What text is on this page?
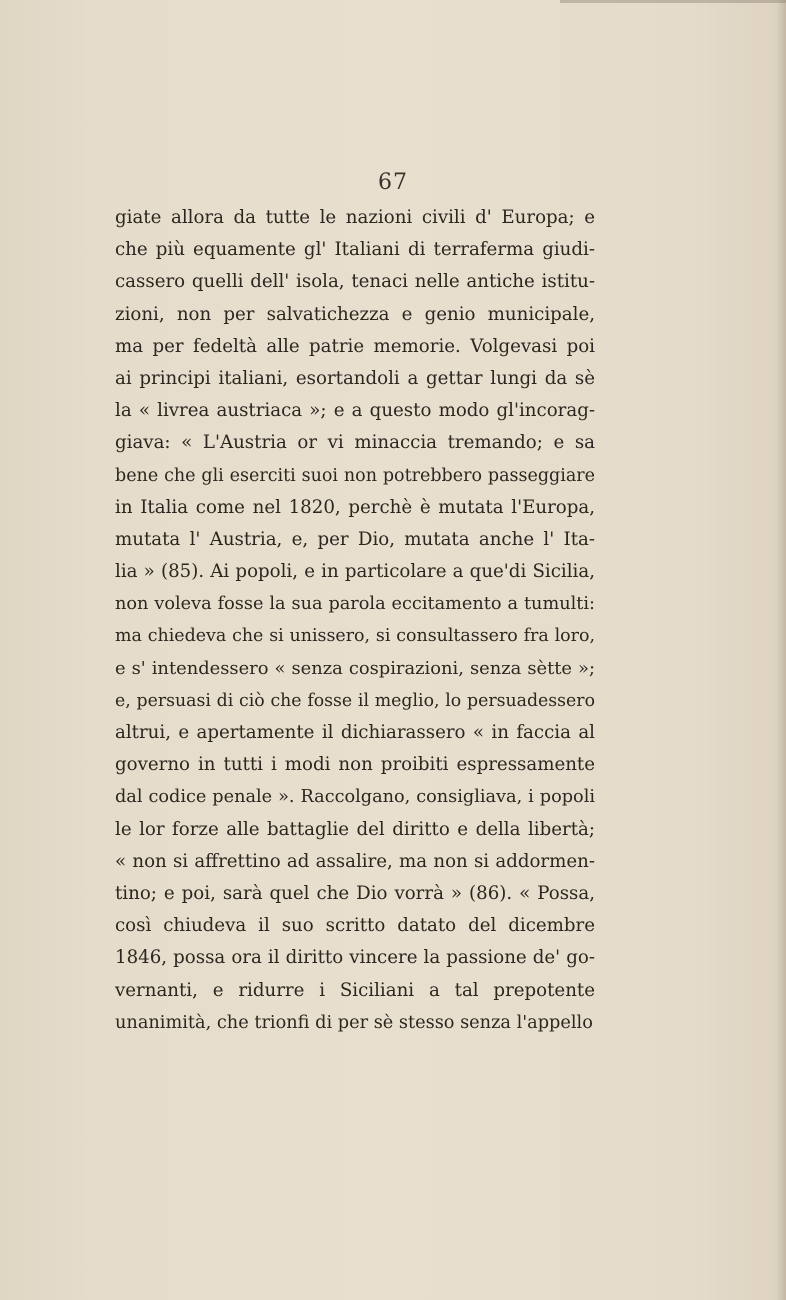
67
giate allora da tutte le nazioni civili d' Europa; e
che più equamente gl' Italiani di terraferma giudi-
cassero quelli dell' isola, tenaci nelle antiche istitu-
zioni, non per salvatichezza e genio municipale,
ma per fedeltà alle patrie memorie. Volgevasi poi
ai principi italiani, esortandoli a gettar lungi da sè
la « livrea austriaca »; e a questo modo gl'incorag-
giava: « L'Austria or vi minaccia tremando; e sa
bene che gli eserciti suoi non potrebbero passeggiare
in Italia come nel 1820, perchè è mutata l'Europa,
mutata l' Austria, e, per Dio, mutata anche l' Ita-
lia » (85). Ai popoli, e in particolare a que'di Sicilia,
non voleva fosse la sua parola eccitamento a tumulti:
ma chiedeva che si unissero, si consultassero fra loro,
e s' intendessero « senza cospirazioni, senza sètte »;
e, persuasi di ciò che fosse il meglio, lo persuadessero
altrui, e apertamente il dichiarassero « in faccia al
governo in tutti i modi non proibiti espressamente
dal codice penale ». Raccolgano, consigliava, i popoli
le lor forze alle battaglie del diritto e della libertà;
« non si affrettino ad assalire, ma non si addormen-
tino; e poi, sarà quel che Dio vorrà » (86). « Possa,
così chiudeva il suo scritto datato del dicembre
1846, possa ora il diritto vincere la passione de' go-
vernanti, e ridurre i Siciliani a tal prepotente
unanimità, che trionfi di per sè stesso senza l'appello
